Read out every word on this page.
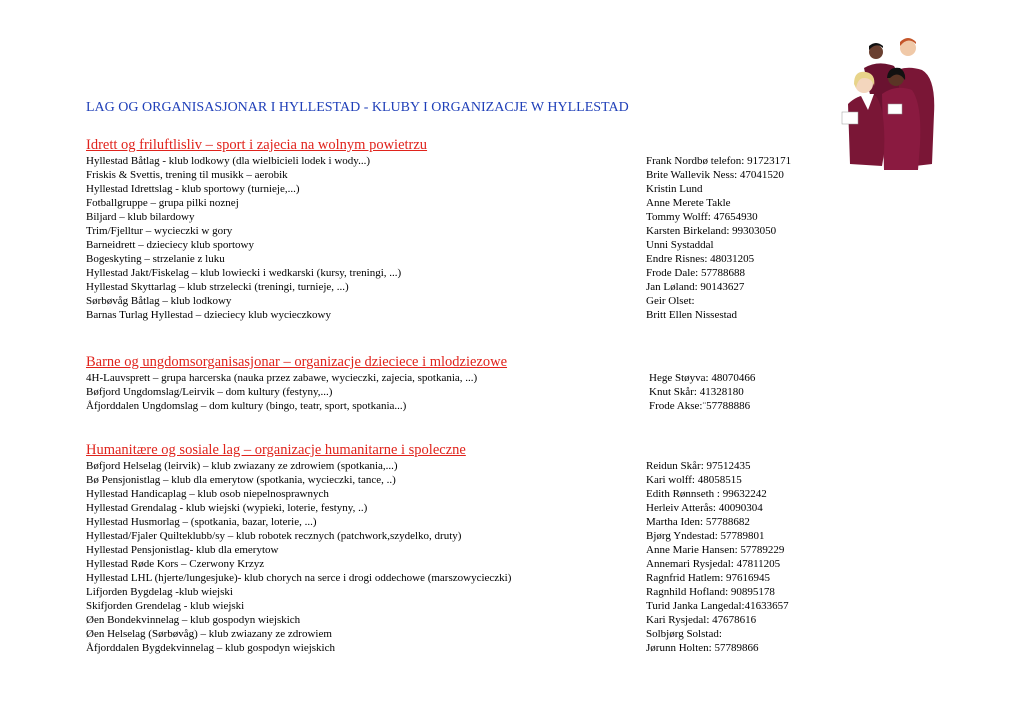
LAG OG ORGANISASJONAR I HYLLESTAD - KLUBY I ORGANIZACJE W HYLLESTAD
Idrett og friluftlisliv – sport i zajecia na wolnym powietrzu
Hyllestad Båtlag - klub lodkowy (dla wielbicieli lodek i wody...)	Frank Nordbø telefon: 91723171
Friskis & Svettis, trening til musikk – aerobik	Brite Wallevik Ness: 47041520
Hyllestad Idrettslag - klub sportowy (turnieje,...)	Kristin Lund
Fotballgruppe – grupa pilki noznej	Anne Merete Takle
Biljard – klub bilardowy	Tommy Wolff: 47654930
Trim/Fjelltur – wycieczki w gory	Karsten Birkeland: 99303050
Barneidrett – dzieciecy klub sportowy	Unni Systaddal
Bogeskyting – strzelanie z luku	Endre Risnes: 48031205
Hyllestad Jakt/Fiskelag – klub lowiecki i wedkarski (kursy, treningi, ...)	Frode Dale: 57788688
Hyllestad Skyttarlag – klub strzelecki (treningi, turnieje, ...)	Jan Løland: 90143627
Sørbøvåg Båtlag – klub lodkowy	Geir Olset:
Barnas Turlag Hyllestad – dzieciecy klub wycieczkowy	Britt Ellen Nissestad
Barne og ungdomsorganisasjonar – organizacje dzieciece i mlodziezowe
4H-Lauvsprett – grupa harcerska (nauka przez zabawe, wycieczki, zajecia, spotkania, ...)	Hege Støyva: 48070466
Bøfjord Ungdomslag/Leirvik – dom kultury (festyny,...)	Knut Skår: 41328180
Åfjorddalen Ungdomslag – dom kultury (bingo, teatr, sport, spotkania...)	Frode Akse:¨57788886
Humanitære og sosiale lag – organizacje humanitarne i spoleczne
Bøfjord Helselag (leirvik) – klub zwiazany ze zdrowiem (spotkania,...)	Reidun Skår: 97512435
Bø Pensjonistlag – klub dla emerytow (spotkania, wycieczki, tance, ..)	Kari wolff: 48058515
Hyllestad Handicaplag – klub osob niepelnosprawnych	Edith Rønnseth : 99632242
Hyllestad Grendalag - klub wiejski (wypieki, loterie, festyny, ..)	Herleiv Atterås: 40090304
Hyllestad Husmorlag – (spotkania, bazar, loterie, ...)	Martha Iden: 57788682
Hyllestad/Fjaler Quilteklubb/sy – klub robotek recznych (patchwork,szydelko, druty)	Bjørg Yndestad: 57789801
Hyllestad Pensjonistlag- klub dla emerytow	Anne Marie Hansen: 57789229
Hyllestad Røde Kors – Czerwony Krzyz	Annemari Rysjedal: 47811205
Hyllestad LHL (hjerte/lungesjuke)- klub chorych na serce i drogi oddechowe (marszowycieczki)	Ragnfrid Hatlem: 97616945
Lifjorden Bygdelag -klub wiejski	Ragnhild Hofland: 90895178
Skifjorden Grendelag - klub wiejski	Turid Janka Langedal:41633657
Øen Bondekvinnelag – klub gospodyn wiejskich	Kari Rysjedal: 47678616
Øen Helselag (Sørbøvåg) – klub zwiazany ze zdrowiem	Solbjørg Solstad:
Åfjorddalen Bygdekvinnelag – klub gospodyn wiejskich	Jørunn Holten: 57789866
